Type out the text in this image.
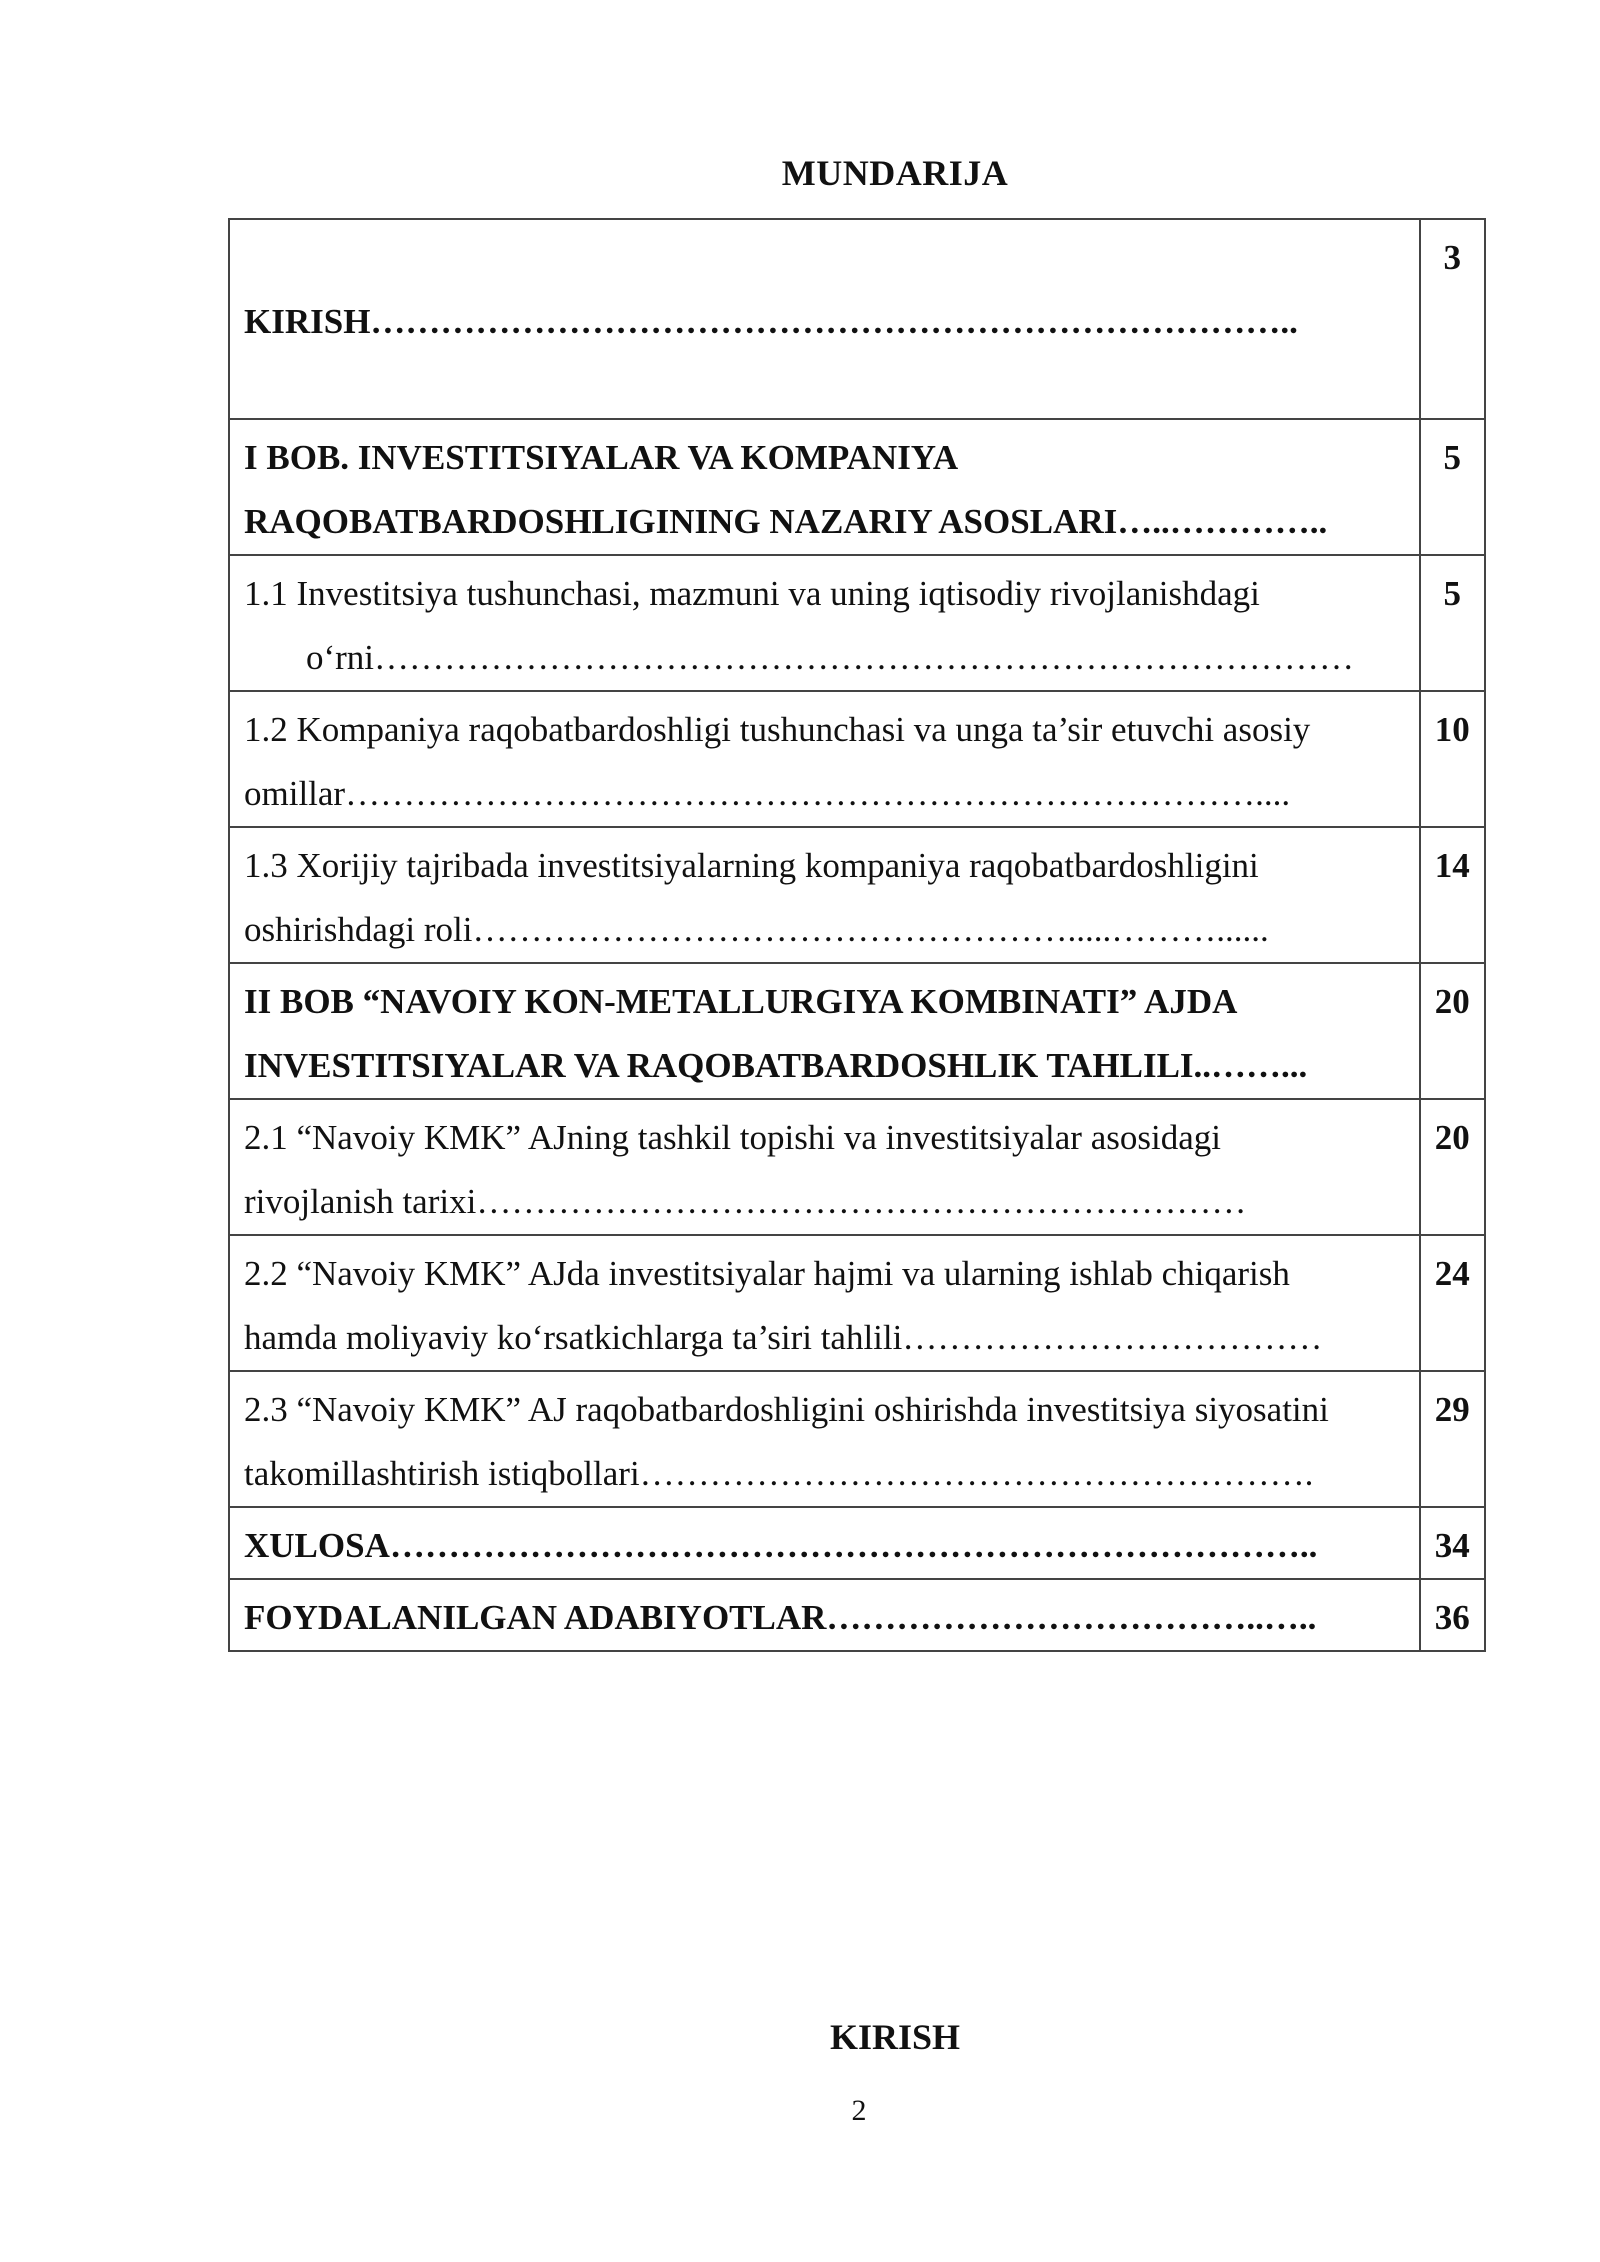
MUNDARIJA
KIRISH……………………………………………………………………..	3
I BOB. INVESTITSIYALAR VA KOMPANIYA
RAQOBATBARDOSHLIGINING NAZARIY ASOSLARI…..…………..	5
1.1 Investitsiya tushunchasi, mazmuni va uning iqtisodiy rivojlanishdagi
o‘rni…………………………………………………………………………	5
1.2 Kompaniya raqobatbardoshligi tushunchasi va unga ta’sir etuvchi asosiy
omillar……………………………………………………………………....	10
1.3 Xorijiy tajribada investitsiyalarning kompaniya raqobatbardoshligini
oshirishdagi roli…………………………………………….....………......	14
II BOB “NAVOIY KON-METALLURGIYA KOMBINATI” AJDA
INVESTITSIYALAR VA RAQOBATBARDOSHLIK TAHLILI..……...	20
2.1 “Navoiy KMK” AJning tashkil topishi va investitsiyalar asosidagi
rivojlanish tarixi…………………………………………………………	20
2.2 “Navoiy KMK” AJda investitsiyalar hajmi va ularning ishlab chiqarish
hamda moliyaviy ko‘rsatkichlarga ta’siri tahlili………………………………	24
2.3 “Navoiy KMK” AJ raqobatbardoshligini oshirishda investitsiya siyosatini
takomillashtirish istiqbollari………………………………………………….	29
XULOSA……………………………………………………………………..	34
FOYDALANILGAN ADABIYOTLAR………………………………..…..	36
KIRISH
2
